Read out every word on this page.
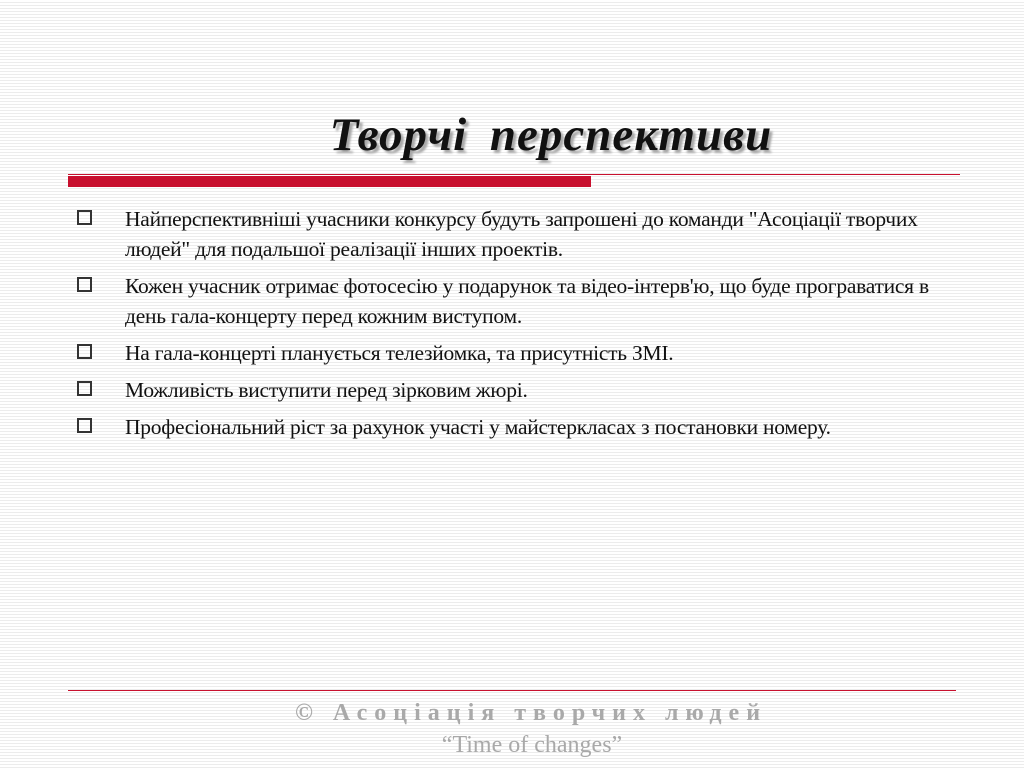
Творчі перспективи
Найперспективніші учасники конкурсу будуть запрошені до команди "Асоціації творчих людей" для подальшої реалізації інших проектів.
Кожен учасник отримає фотосесію у подарунок та відео-інтерв'ю, що буде програватися в день гала-концерту перед кожним виступом.
На гала-концерті планується телезйомка, та присутність ЗМІ.
Можливість виступити перед зірковим жюрі.
Професіональний ріст за рахунок участі у майстеркласах з постановки номеру.
© Асоціація творчих людей
“Time of changes”
